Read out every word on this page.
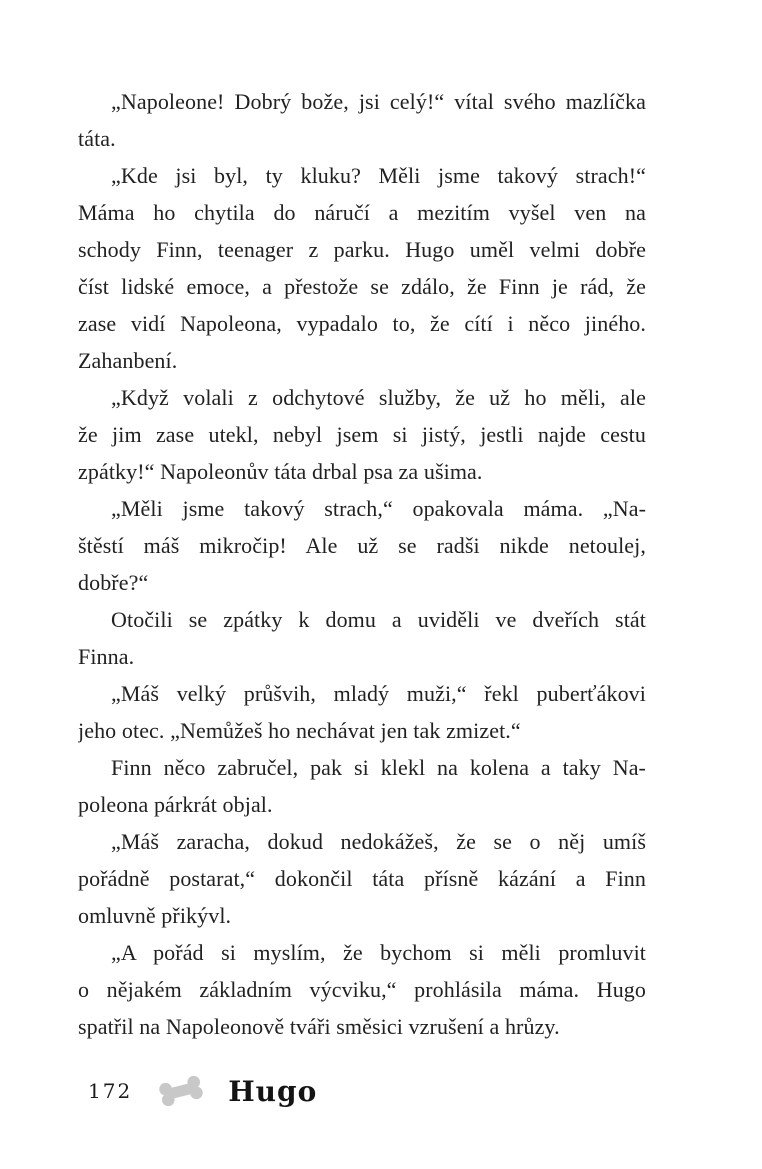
„Napoleone! Dobrý bože, jsi celý!“ vítal svého mazlíčka
táta.
„Kde jsi byl, ty kluku? Měli jsme takový strach!“
Máma ho chytila do náručí a mezitím vyšel ven na
schody Finn, teenager z parku. Hugo uměl velmi dobře
číst lidské emoce, a přestože se zdálo, že Finn je rád, že
zase vidí Napoleona, vypadalo to, že cítí i něco jiného.
Zahanbení.
„Když volali z odchytové služby, že už ho měli, ale
že jim zase utekl, nebyl jsem si jistý, jestli najde cestu
zpátky!“ Napoleonův táta drbal psa za ušima.
„Měli jsme takový strach,“ opakovala máma. „Na-
štěstí máš mikročip! Ale už se radši nikde netoulej,
dobře?“
Otočili se zpátky k domu a uviděli ve dveřích stát
Finna.
„Máš velký průšvih, mladý muži,“ řekl puberťákovi
jeho otec. „Nemůžeš ho nechávat jen tak zmizet.“
Finn něco zabručel, pak si klekl na kolena a taky Na-
poleona párkrát objal.
„Máš zaracha, dokud nedokážeš, že se o něj umíš
pořádně postarat,“ dokončil táta přísně kázání a Finn
omluvně přikývl.
„A pořád si myslím, že bychom si měli promluvit
o nějakém základním výcviku,“ prohlásila máma. Hugo
spatřil na Napoleonově tváři směsici vzrušení a hrůzy.
172	Hugo
